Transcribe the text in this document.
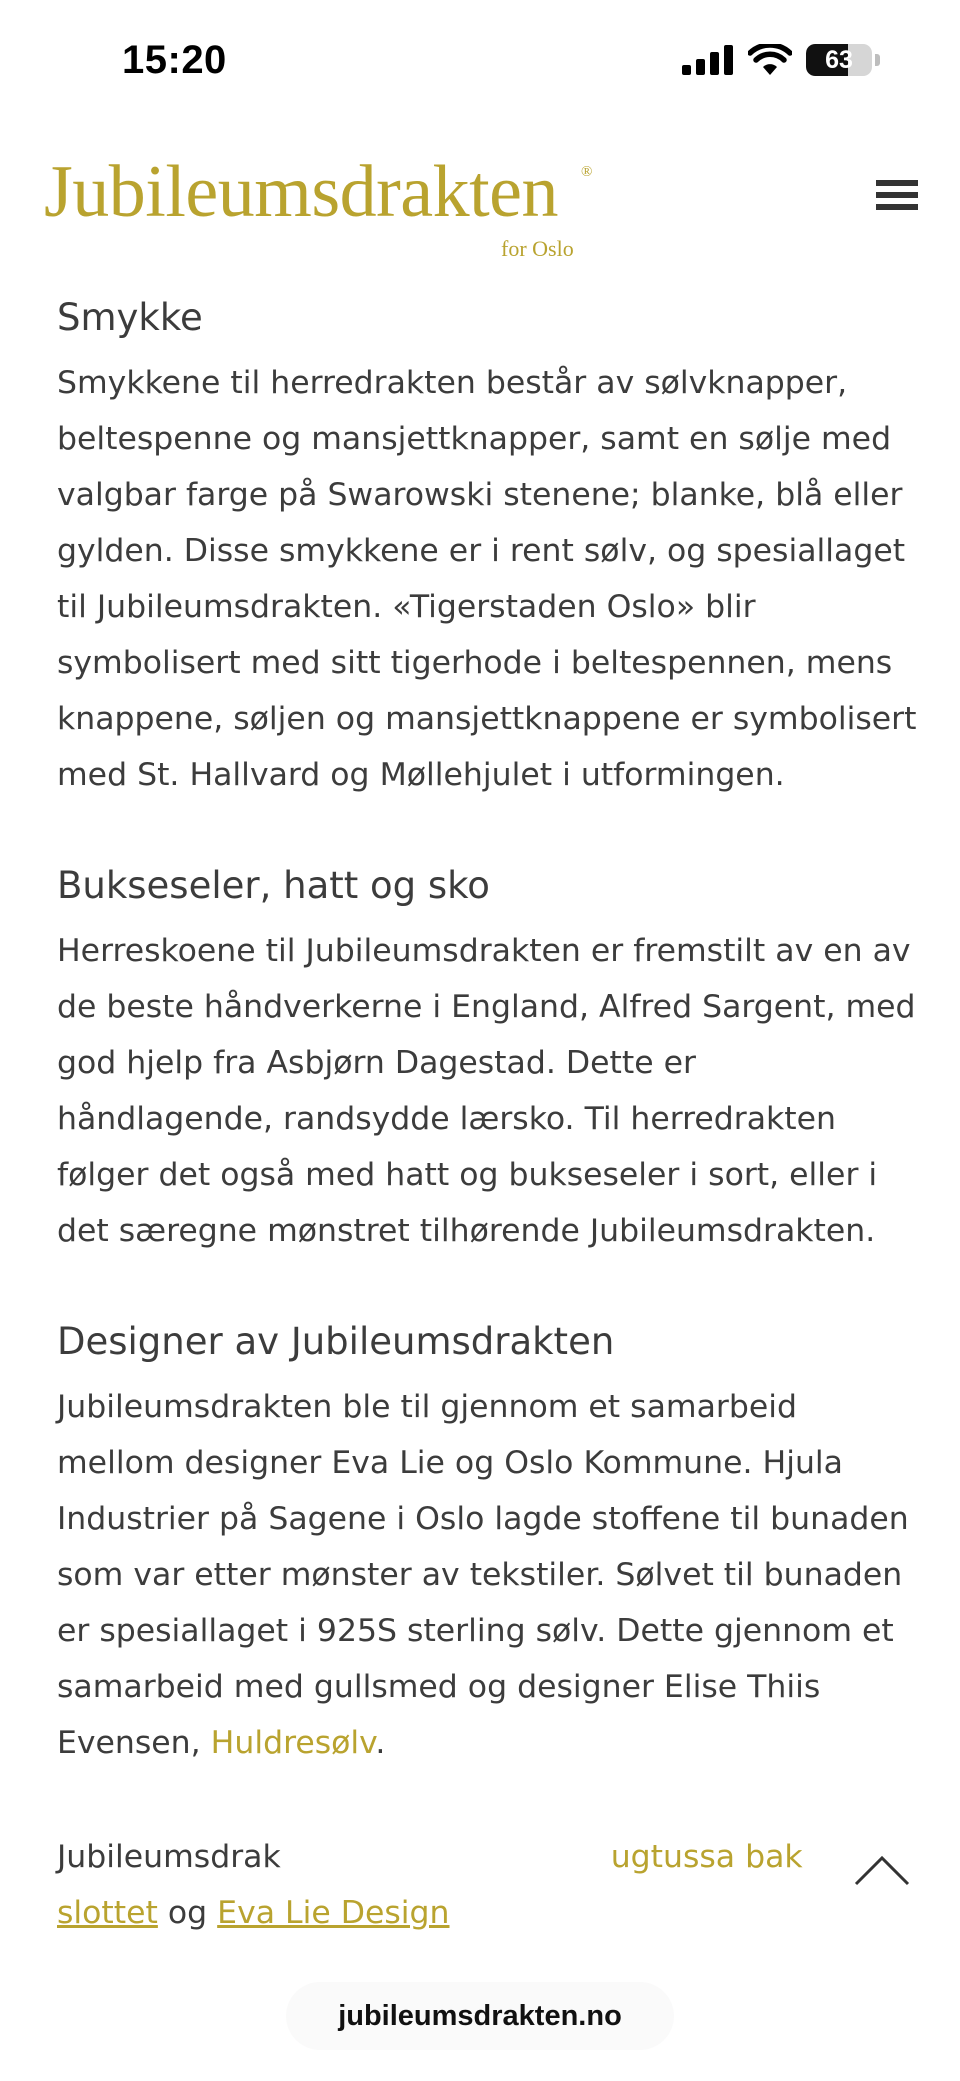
15:20	63
Jubileumsdrakten ®
for Oslo
Smykke

Smykkene til herredrakten består av sølvknapper, beltespenne og mansjettknapper, samt en sølje med valgbar farge på Swarowski stenene; blanke, blå eller gylden. Disse smykkene er i rent sølv, og spesiallaget til Jubileumsdrakten. «Tigerstaden Oslo» blir symbolisert med sitt tigerhode i beltespennen, mens knappene, søljen og mansjettknappene er symbolisert med St. Hallvard og Møllehjulet i utformingen.

Bukseseler, hatt og sko

Herreskoene til Jubileumsdrakten er fremstilt av en av de beste håndverkerne i England, Alfred Sargent, med god hjelp fra Asbjørn Dagestad. Dette er håndlagende, randsydde lærsko. Til herredrakten følger det også med hatt og bukseseler i sort, eller i det særegne mønstret tilhørende Jubileumsdrakten.

Designer av Jubileumsdrakten

Jubileumsdrakten ble til gjennom et samarbeid mellom designer Eva Lie og Oslo Kommune. Hjula Industrier på Sagene i Oslo lagde stoffene til bunaden som var etter mønster av tekstiler. Sølvet til bunaden er spesiallaget i 925S sterling sølv. Dette gjennom et samarbeid med gullsmed og designer Elise Thiis Evensen, Huldresølv.

Jubileumsdrak	ugtussa bak
slottet og Eva Lie Design

jubileumsdrakten.no
